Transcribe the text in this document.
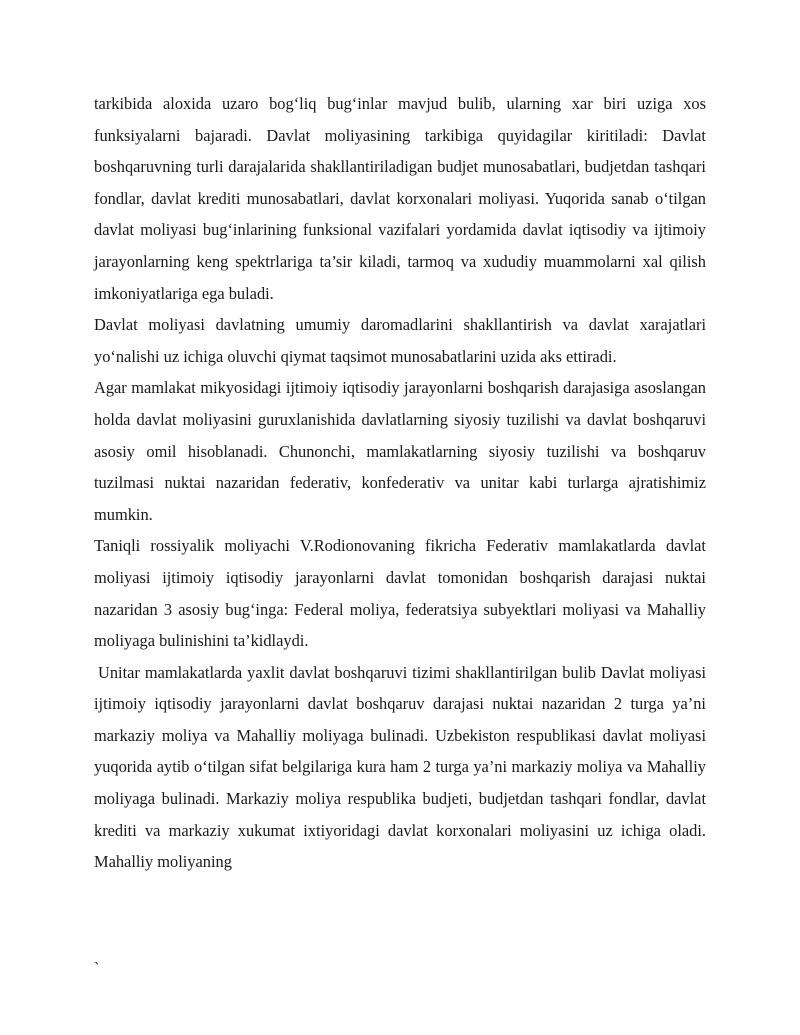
tarkibida aloxida uzaro bog‘liq bug‘inlar mavjud bulib, ularning xar biri uziga xos funksiyalarni bajaradi. Davlat moliyasining tarkibiga quyidagilar kiritiladi: Davlat boshqaruvning turli darajalarida shakllantiriladigan budjet munosabatlari, budjetdan tashqari fondlar, davlat krediti munosabatlari, davlat korxonalari moliyasi. Yuqorida sanab o‘tilgan davlat moliyasi bug‘inlarining funksional vazifalari yordamida davlat iqtisodiy va ijtimoiy jarayonlarning keng spektrlariga ta’sir kiladi, tarmoq va xududiy muammolarni xal qilish imkoniyatlariga ega buladi.

Davlat moliyasi davlatning umumiy daromadlarini shakllantirish va davlat xarajatlari yo‘nalishi uz ichiga oluvchi qiymat taqsimot munosabatlarini uzida aks ettiradi.

Agar mamlakat mikyosidagi ijtimoiy iqtisodiy jarayonlarni boshqarish darajasiga asoslangan holda davlat moliyasini guruxlanishida davlatlarning siyosiy tuzilishi va davlat boshqaruvi asosiy omil hisoblanadi. Chunonchi, mamlakatlarning siyosiy tuzilishi va boshqaruv tuzilmasi nuktai nazaridan federativ, konfederativ va unitar kabi turlarga ajratishimiz mumkin.

Taniqli rossiyalik moliyachi V.Rodionovaning fikricha Federativ mamlakatlarda davlat moliyasi ijtimoiy iqtisodiy jarayonlarni davlat tomonidan boshqarish darajasi nuktai nazaridan 3 asosiy bug‘inga: Federal moliya, federatsiya subyektlari moliyasi va Mahalliy moliyaga bulinishini ta’kidlaydi.

Unitar mamlakatlarda yaxlit davlat boshqaruvi tizimi shakllantirilgan bulib Davlat moliyasi ijtimoiy iqtisodiy jarayonlarni davlat boshqaruv darajasi nuktai nazaridan 2 turga ya’ni markaziy moliya va Mahalliy moliyaga bulinadi. Uzbekiston respublikasi davlat moliyasi yuqorida aytib o‘tilgan sifat belgilariga kura ham 2 turga ya’ni markaziy moliya va Mahalliy moliyaga bulinadi. Markaziy moliya respublika budjeti, budjetdan tashqari fondlar, davlat krediti va markaziy xukumat ixtiyoridagi davlat korxonalari moliyasini uz ichiga oladi. Mahalliy moliyaning

`
